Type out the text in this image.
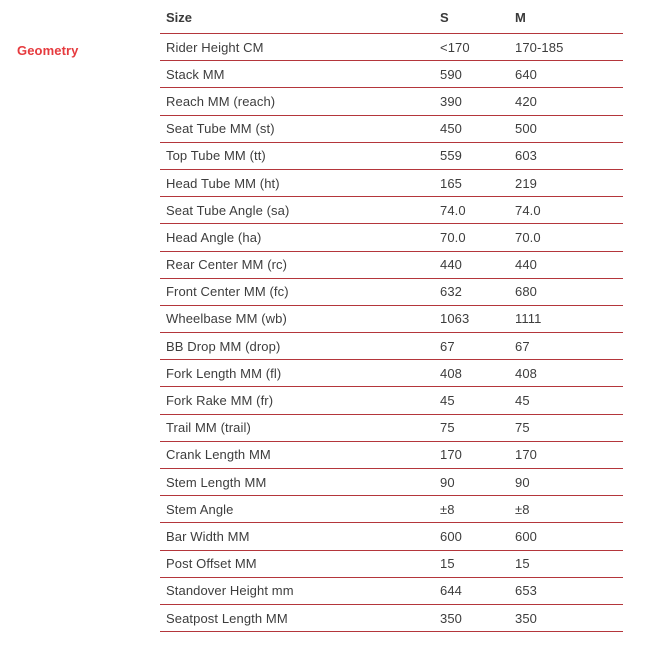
Geometry
Size	S	M
Rider Height CM	<170	170-185
Stack MM	590	640
Reach MM (reach)	390	420
Seat Tube MM (st)	450	500
Top Tube MM (tt)	559	603
Head Tube MM (ht)	165	219
Seat Tube Angle (sa)	74.0	74.0
Head Angle (ha)	70.0	70.0
Rear Center MM (rc)	440	440
Front Center MM (fc)	632	680
Wheelbase MM (wb)	1063	1111
BB Drop MM (drop)	67	67
Fork Length MM (fl)	408	408
Fork Rake MM (fr)	45	45
Trail MM (trail)	75	75
Crank Length MM	170	170
Stem Length MM	90	90
Stem Angle	±8	±8
Bar Width MM	600	600
Post Offset MM	15	15
Standover Height mm	644	653
Seatpost Length MM	350	350
